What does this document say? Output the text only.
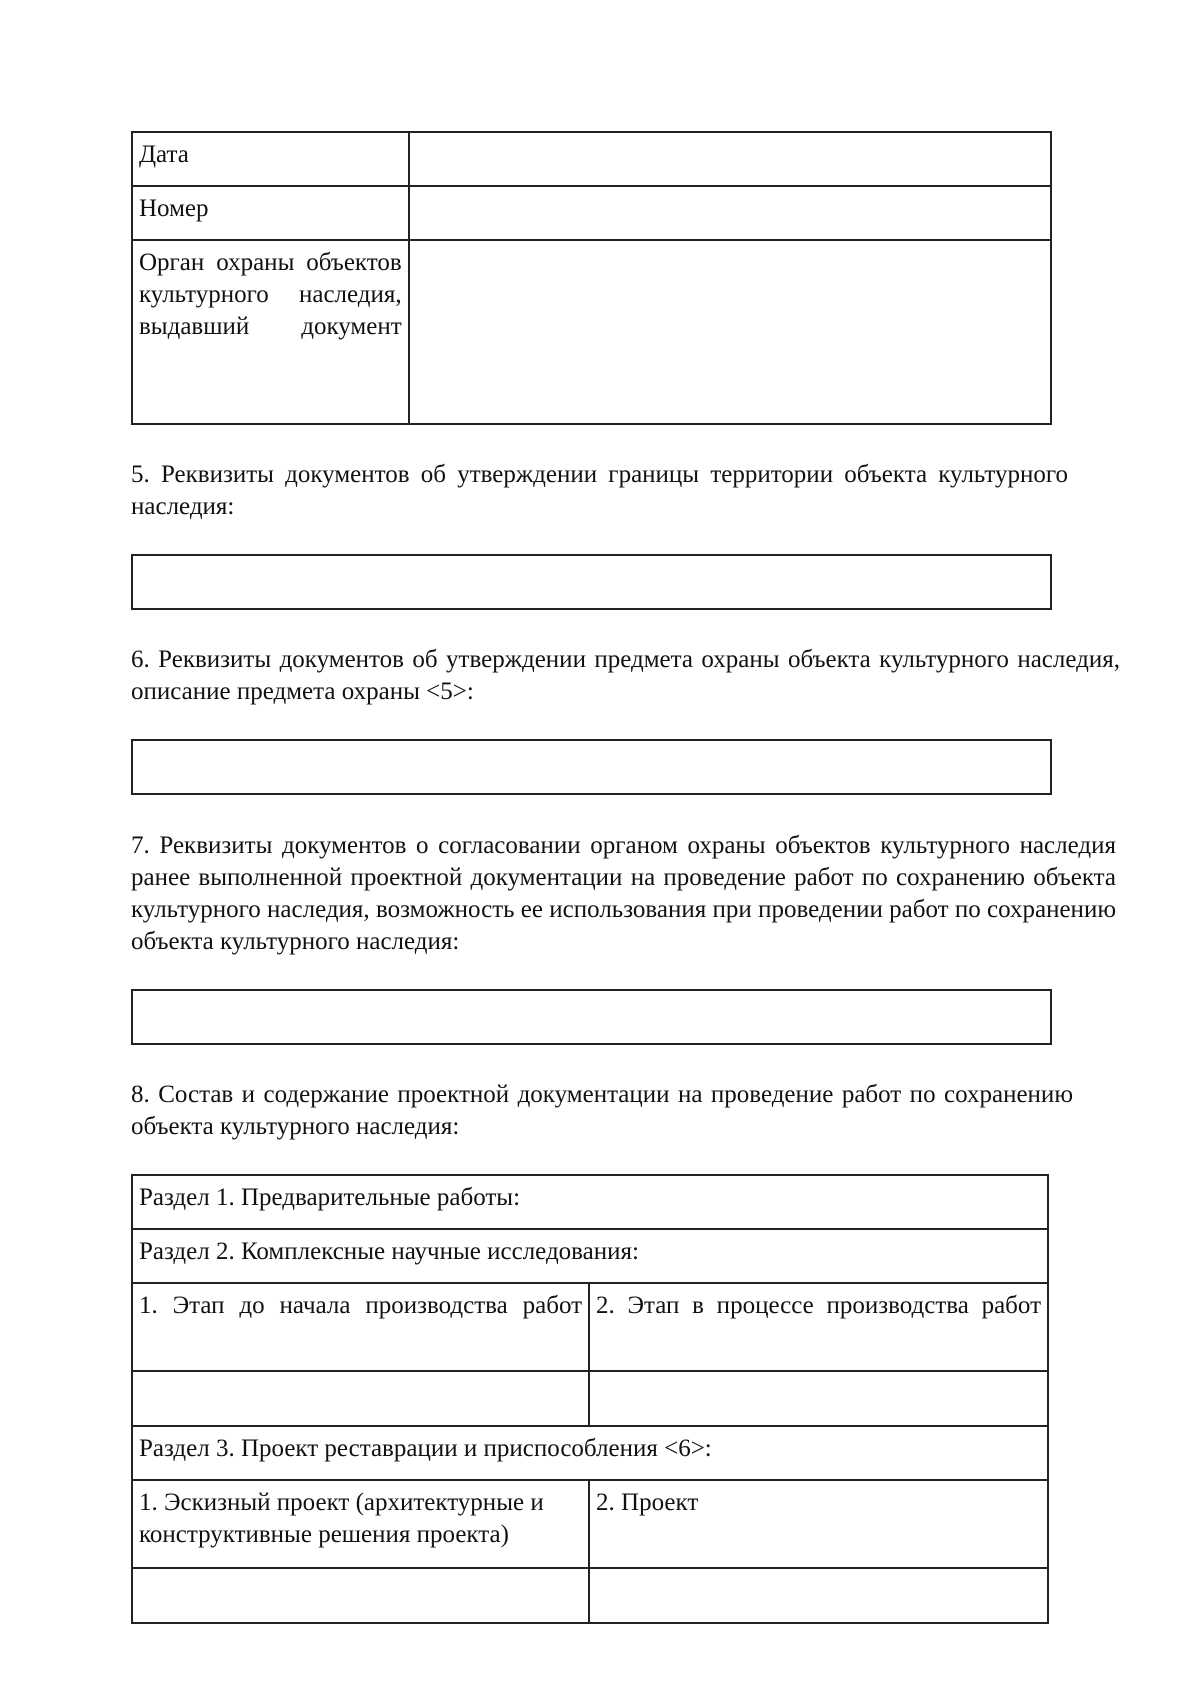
Дата	
Номер	
Орган охраны объектов культурного наследия, выдавший документ	
5. Реквизиты документов об утверждении границы территории объекта культурного наследия:
6. Реквизиты документов об утверждении предмета охраны объекта культурного наследия, описание предмета охраны <5>:
7. Реквизиты документов о согласовании органом охраны объектов культурного наследия ранее выполненной проектной документации на проведение работ по сохранению объекта культурного наследия, возможность ее использования при проведении работ по сохранению объекта культурного наследия:
8. Состав и содержание проектной документации на проведение работ по сохранению объекта культурного наследия:
Раздел 1. Предварительные работы:	
Раздел 2. Комплексные научные исследования:	
1. Этап до начала производства работ	2. Этап в процессе производства работ

Раздел 3. Проект реставрации и приспособления <6>:	
1. Эскизный проект (архитектурные и конструктивные решения проекта)	2. Проект
